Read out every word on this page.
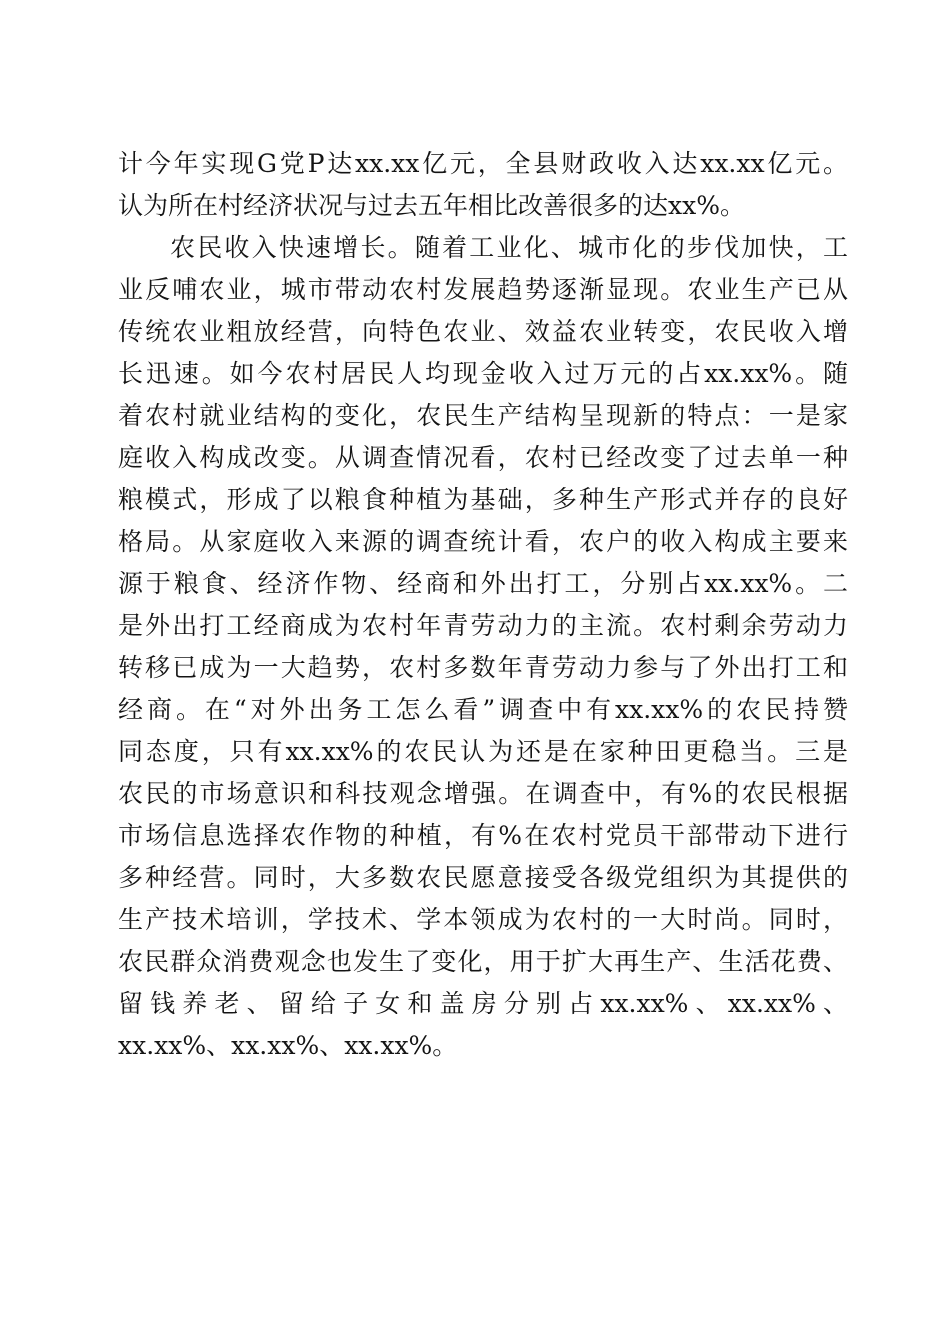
计今年实现G党P达xx.xx亿元，全县财政收入达xx.xx亿元。
认为所在村经济状况与过去五年相比改善很多的达xx%。
农民收入快速增长。随着工业化、城市化的步伐加快，工
业反哺农业，城市带动农村发展趋势逐渐显现。农业生产已从
传统农业粗放经营，向特色农业、效益农业转变，农民收入增
长迅速。如今农村居民人均现金收入过万元的占xx.xx%。随
着农村就业结构的变化，农民生产结构呈现新的特点：一是家
庭收入构成改变。从调查情况看，农村已经改变了过去单一种
粮模式，形成了以粮食种植为基础，多种生产形式并存的良好
格局。从家庭收入来源的调查统计看，农户的收入构成主要来
源于粮食、经济作物、经商和外出打工，分别占xx.xx%。二
是外出打工经商成为农村年青劳动力的主流。农村剩余劳动力
转移已成为一大趋势，农村多数年青劳动力参与了外出打工和
经商。在“对外出务工怎么看”调查中有xx.xx%的农民持赞
同态度，只有xx.xx%的农民认为还是在家种田更稳当。三是
农民的市场意识和科技观念增强。在调查中，有%的农民根据
市场信息选择农作物的种植，有%在农村党员干部带动下进行
多种经营。同时，大多数农民愿意接受各级党组织为其提供的
生产技术培训，学技术、学本领成为农村的一大时尚。同时，
农民群众消费观念也发生了变化，用于扩大再生产、生活花费、
留钱养老、留给子女和盖房分别占xx.xx%、xx.xx%、
xx.xx%、xx.xx%、xx.xx%。
